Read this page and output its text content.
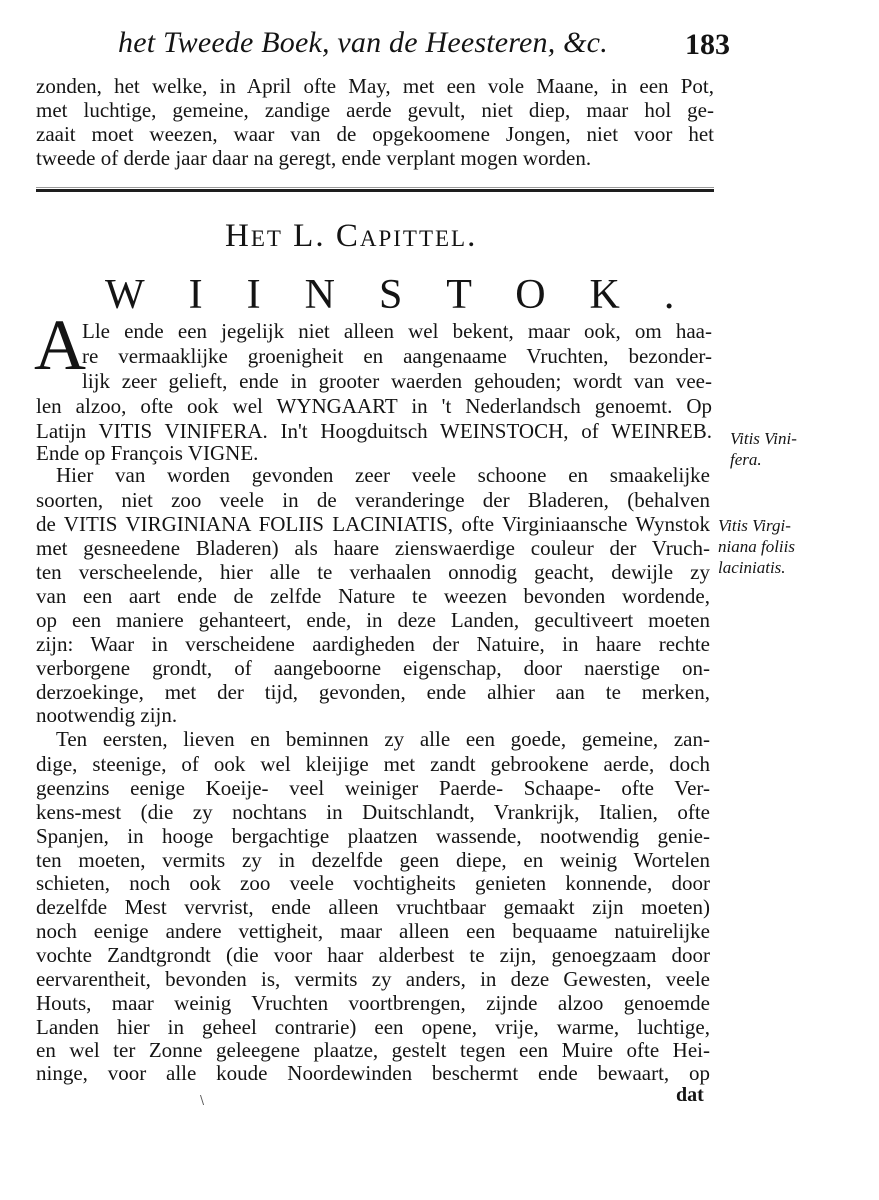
het Tweede Boek, van de Heesteren, &c.	183
zonden, het welke, in April ofte May, met een vole Maane, in een Pot,
met luchtige, gemeine, zandige aerde gevult, niet diep, maar hol ge-
zaait moet weezen, waar van de opgekoomene Jongen, niet voor het
tweede of derde jaar daar na geregt, ende verplant mogen worden.
Het L. Capittel.
WIINSTOK.
A
Lle ende een jegelijk niet alleen wel bekent, maar ook, om haa-
re vermaaklijke groenigheit en aangenaame Vruchten, bezonder-
lijk zeer gelieft, ende in grooter waerden gehouden; wordt van vee-
len alzoo, ofte ook wel WYNGAART in 't Nederlandsch genoemt. Op
Latijn VITIS VINIFERA. In't Hoogduitsch WEINSTOCH, of WEINREB.
Ende op François VIGNE.
Hier van worden gevonden zeer veele schoone en smaakelijke
soorten, niet zoo veele in de veranderinge der Bladeren, (behalven
de VITIS VIRGINIANA FOLIIS LACINIATIS, ofte Virginiaansche Wynstok
met gesneedene Bladeren) als haare zienswaerdige couleur der Vruch-
ten verscheelende, hier alle te verhaalen onnodig geacht, dewijle zy
van een aart ende de zelfde Nature te weezen bevonden wordende,
op een maniere gehanteert, ende, in deze Landen, gecultiveert moeten
zijn: Waar in verscheidene aardigheden der Natuire, in haare rechte
verborgene grondt, of aangeboorne eigenschap, door naerstige on-
derzoekinge, met der tijd, gevonden, ende alhier aan te merken,
nootwendig zijn.
Ten eersten, lieven en beminnen zy alle een goede, gemeine, zan-
dige, steenige, of ook wel kleijige met zandt gebrookene aerde, doch
geenzins eenige Koeije- veel weiniger Paerde- Schaape- ofte Ver-
kens-mest (die zy nochtans in Duitschlandt, Vrankrijk, Italien, ofte
Spanjen, in hooge bergachtige plaatzen wassende, nootwendig genie-
ten moeten, vermits zy in dezelfde geen diepe, en weinig Wortelen
schieten, noch ook zoo veele vochtigheits genieten konnende, door
dezelfde Mest vervrist, ende alleen vruchtbaar gemaakt zijn moeten)
noch eenige andere vettigheit, maar alleen een bequaame natuirelijke
vochte Zandtgrondt (die voor haar alderbest te zijn, genoegzaam door
eervarentheit, bevonden is, vermits zy anders, in deze Gewesten, veele
Houts, maar weinig Vruchten voortbrengen, zijnde alzoo genoemde
Landen hier in geheel contrarie) een opene, vrije, warme, luchtige,
en wel ter Zonne geleegene plaatze, gestelt tegen een Muire ofte Hei-
ninge, voor alle koude Noordewinden beschermt ende bewaart, op
Vitis Vini-
fera.
Vitis Virgi-
niana foliis
laciniatis.
\	dat
